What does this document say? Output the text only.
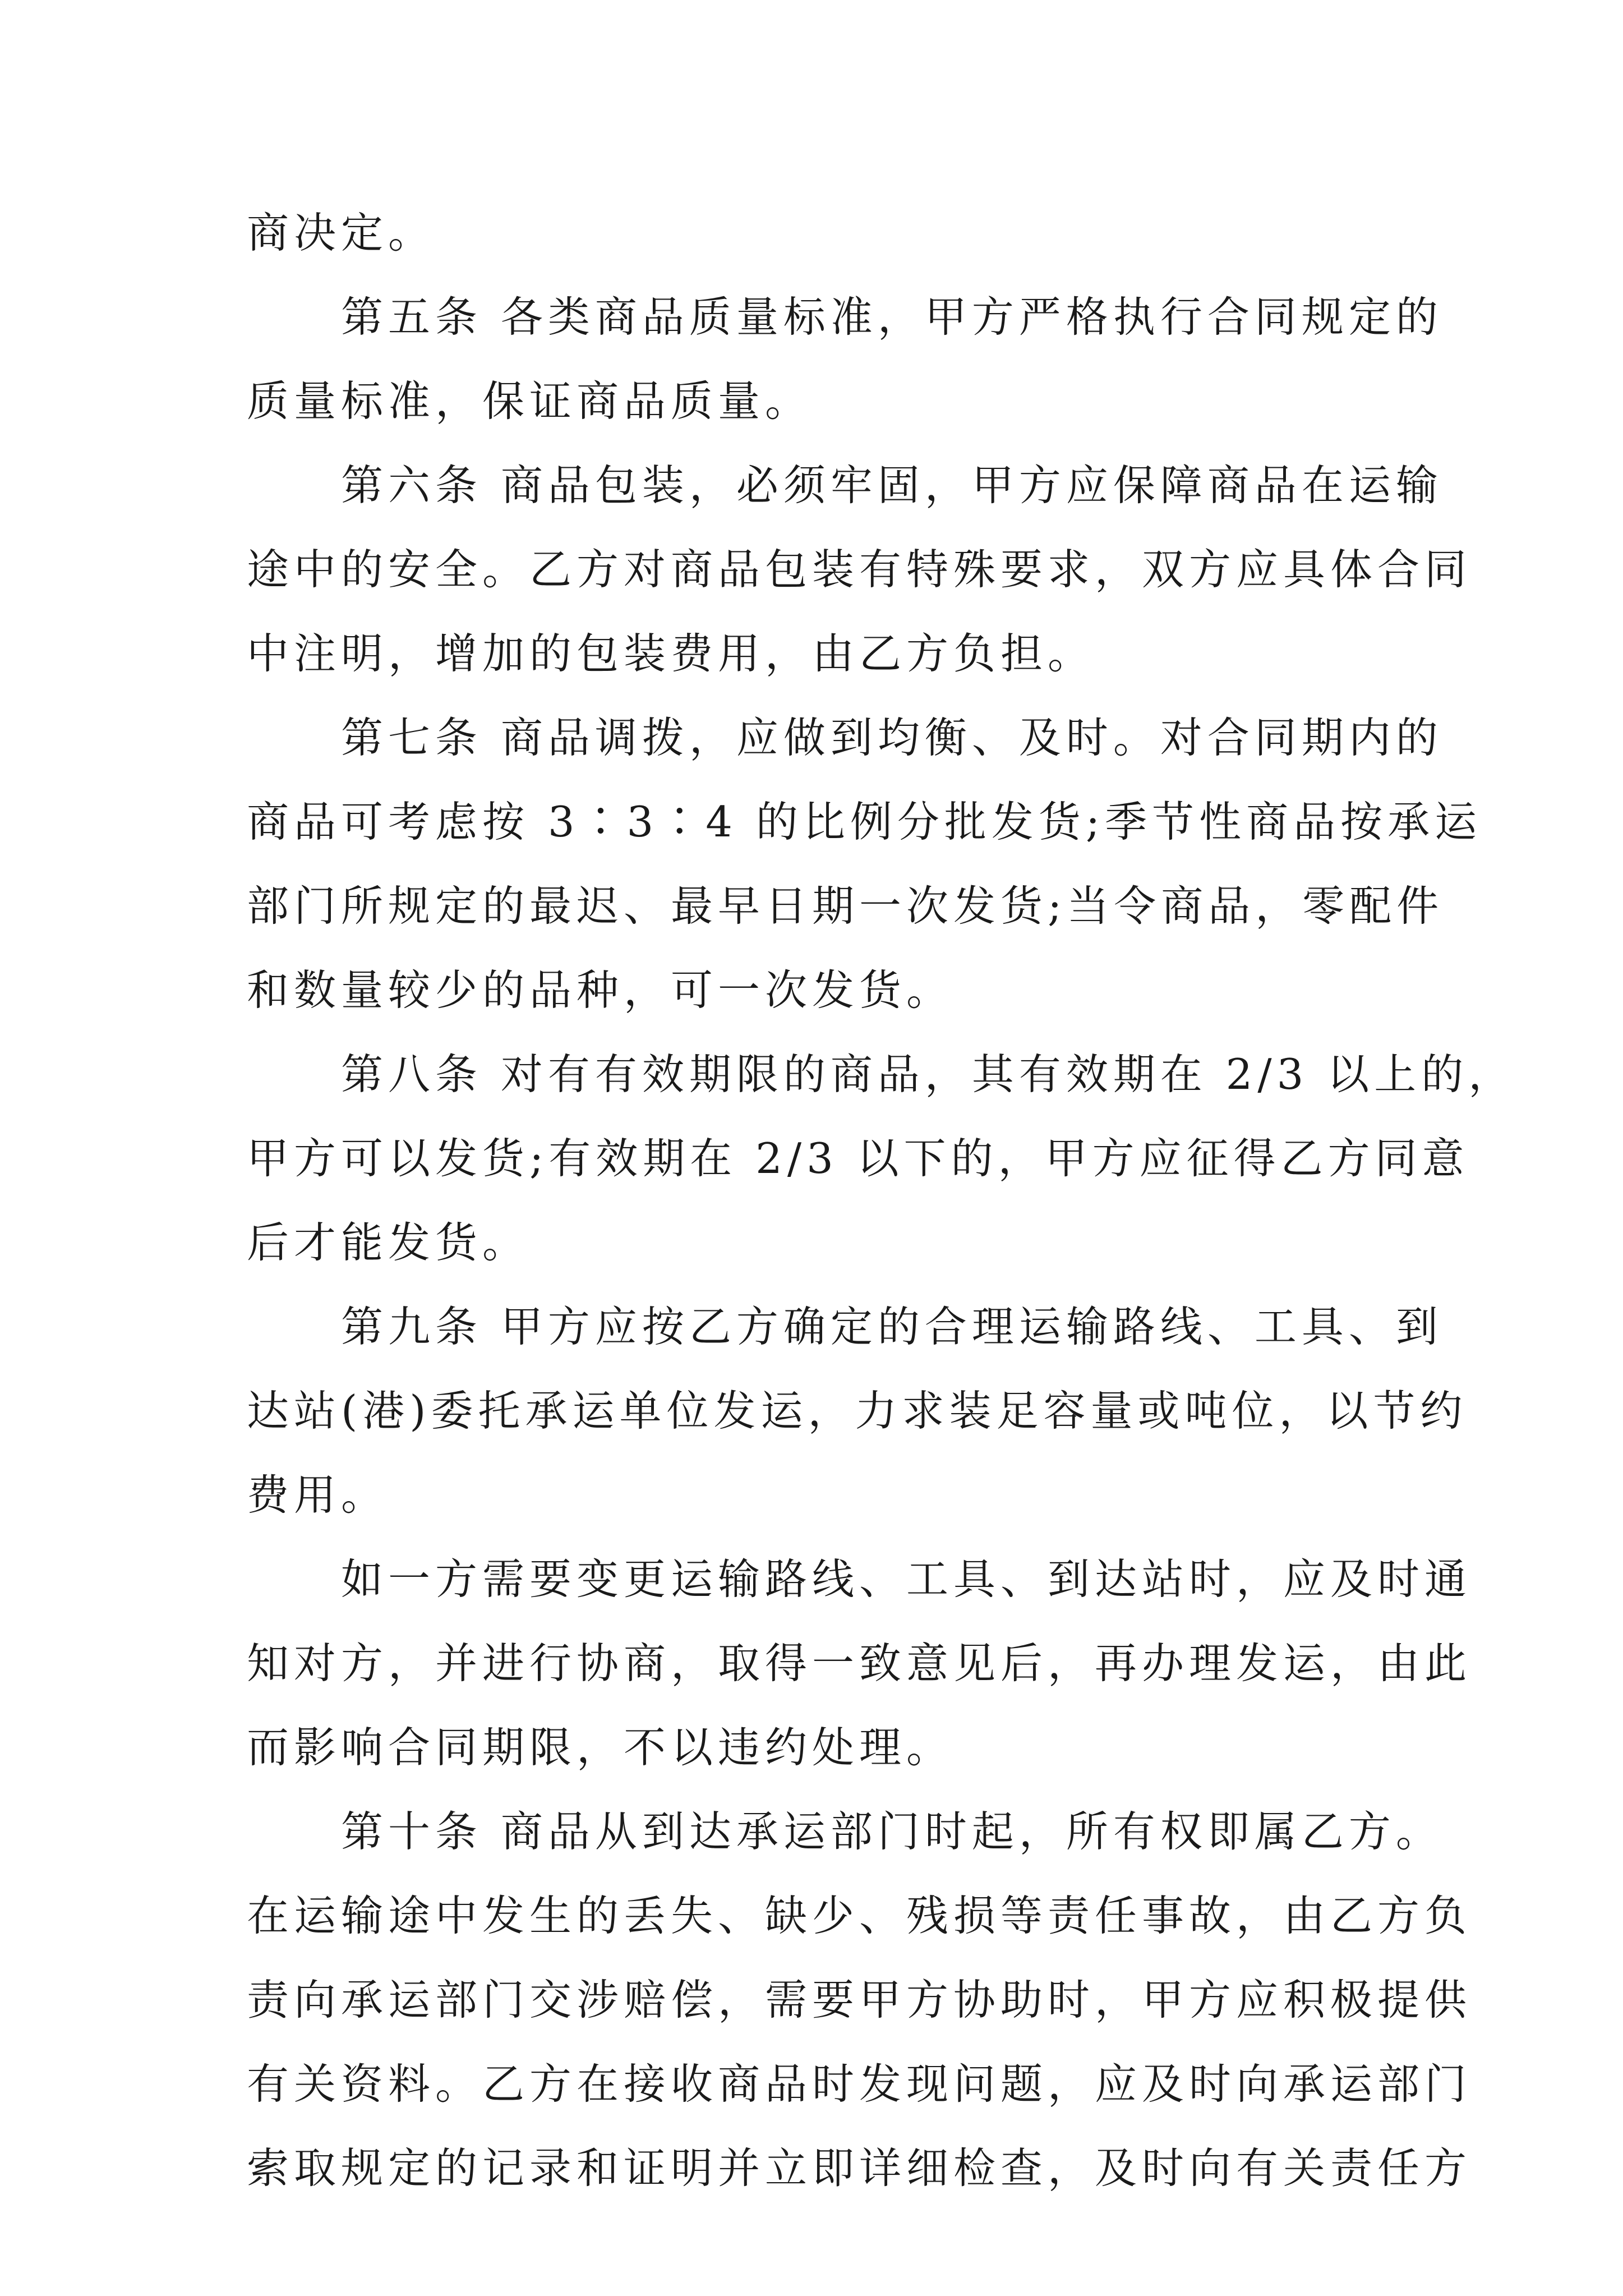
商决定。
第五条 各类商品质量标准，甲方严格执行合同规定的
质量标准，保证商品质量。
第六条 商品包装，必须牢固，甲方应保障商品在运输
途中的安全。乙方对商品包装有特殊要求，双方应具体合同
中注明，增加的包装费用，由乙方负担。
第七条 商品调拨，应做到均衡、及时。对合同期内的
商品可考虑按 3∶3∶4 的比例分批发货;季节性商品按承运
部门所规定的最迟、最早日期一次发货;当令商品，零配件
和数量较少的品种，可一次发货。
第八条 对有有效期限的商品，其有效期在 2/3 以上的，
甲方可以发货;有效期在 2/3 以下的，甲方应征得乙方同意
后才能发货。
第九条 甲方应按乙方确定的合理运输路线、工具、到
达站(港)委托承运单位发运，力求装足容量或吨位，以节约
费用。
如一方需要变更运输路线、工具、到达站时，应及时通
知对方，并进行协商，取得一致意见后，再办理发运，由此
而影响合同期限，不以违约处理。
第十条 商品从到达承运部门时起，所有权即属乙方。
在运输途中发生的丢失、缺少、残损等责任事故，由乙方负
责向承运部门交涉赔偿，需要甲方协助时，甲方应积极提供
有关资料。乙方在接收商品时发现问题，应及时向承运部门
索取规定的记录和证明并立即详细检查，及时向有关责任方
